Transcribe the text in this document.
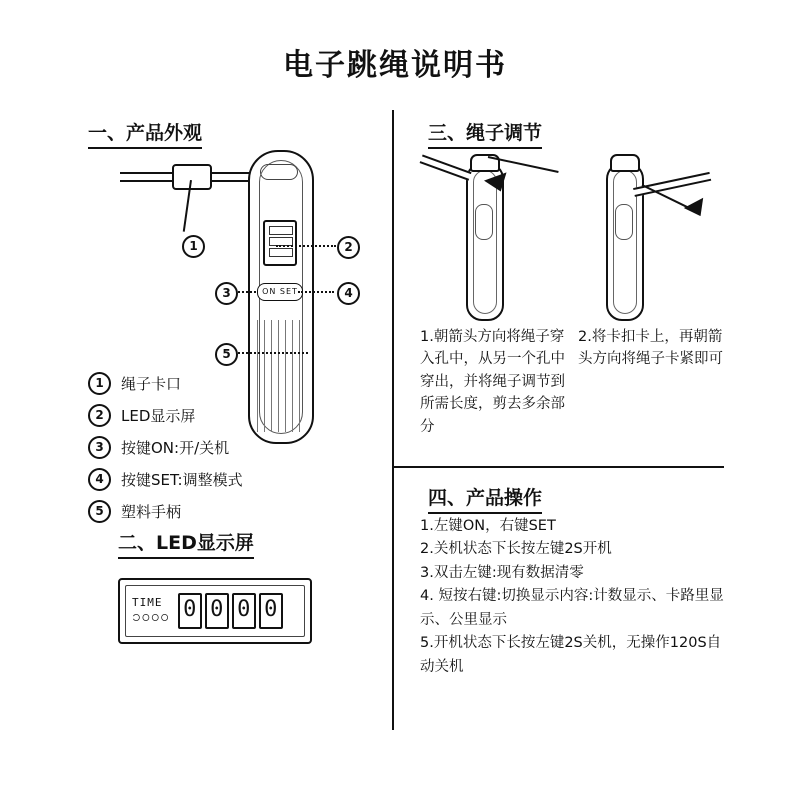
电子跳绳说明书
一、产品外观
ON SET
1	2
3	4
5
1	绳子卡口
2	LED显示屏
3	按键ON:开/关机
4	按键SET:调整模式
5	塑料手柄
二、LED显示屏
TIME
၁ဝဝဝ 0 0 0 0
三、绳子调节
1.朝箭头方向将绳子穿入孔中，从另一个孔中穿出，并将绳子调节到所需长度，剪去多余部分
2.将卡扣卡上，再朝箭头方向将绳子卡紧即可
四、产品操作

1.左键ON，右键SET

2.关机状态下长按左键2S开机

3.双击左键:现有数据清零

4. 短按右键:切换显示内容:计数显示、卡路里显示、公里显示

5.开机状态下长按左键2S关机，无操作120S自动关机
